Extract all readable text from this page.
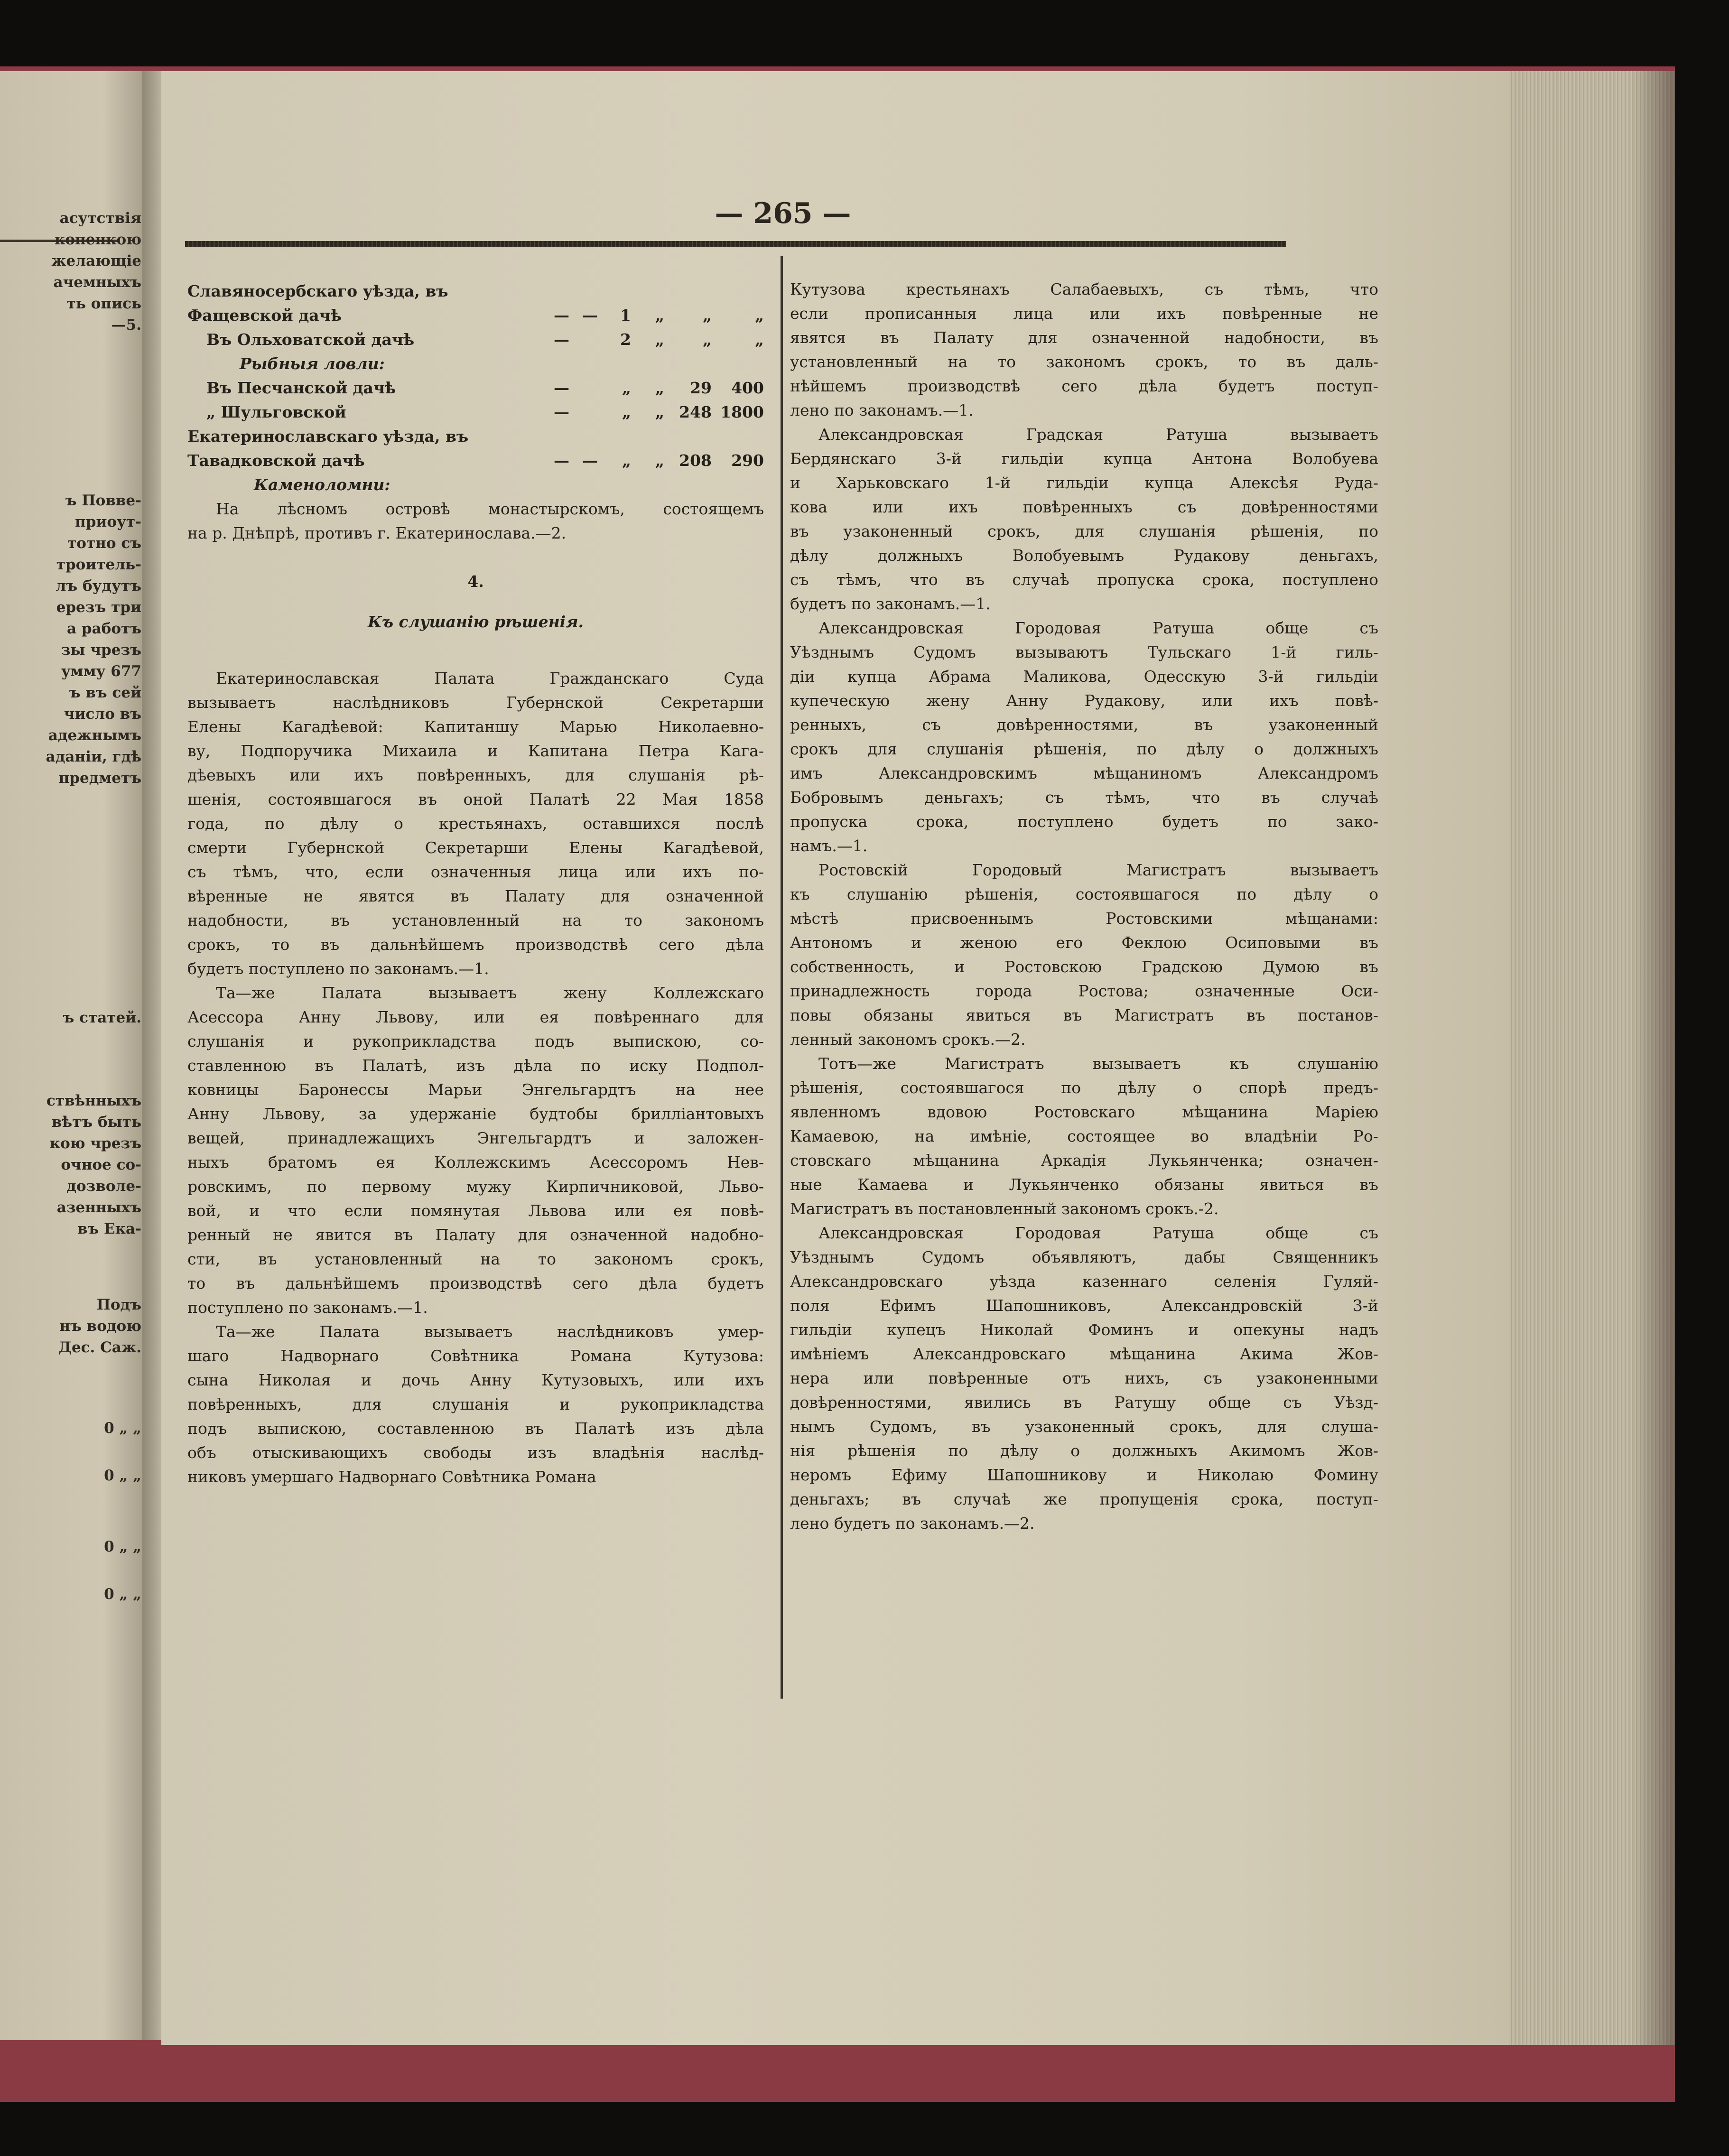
асутствія
копенкою
желающіе
ачемныхъ
ть опись
—5.
ъ Повве-
приоут-
тотно съ
троитель-
лъ будутъ
ерезъ три
а работъ
зы чрезъ
умму 677
ъ въ сей
число въ
адежнымъ
аданіи, гдѣ
предметъ
ъ статей.
ствѣнныхъ
вѣтъ быть
кою чрезъ
очное со-
дозволе-
азенныхъ
въ Ека-
Подъ
нъ водою
Дес. Саж.
0 „ „
0 „ „
0 „ „
0 „ „
— 265 —
Славяносербскаго уѣзда, въ
Фащевской дачѣ	— —	1	„	„	„
Въ Ольховатской дачѣ	—	2	„	„	„
Рыбныя ловли:
Въ Песчанской дачѣ	—	„	„	29	400
„ Шульговской	—	„	„ 248 1800
Екатеринославскаго уѣзда, въ
Тавадковской дачѣ	— —	„	„ 208	290
Каменоломни:
На лѣсномъ островѣ монастырскомъ, состоящемъ
на р. Днѣпрѣ, противъ г. Екатеринослава.—2.
4.
Къ слушанію рѣшенія.
Екатеринославская Палата Гражданскаго Суда
вызываетъ наслѣдниковъ Губернской Секретарши
Елены Кагадѣевой: Капитаншу Марью Николаевно-
ву, Подпоручика Михаила и Капитана Петра Кага-
дѣевыхъ или ихъ повѣренныхъ, для слушанія рѣ-
шенія, состоявшагося въ оной Палатѣ 22 Мая 1858
года, по дѣлу о крестьянахъ, оставшихся послѣ
смерти Губернской Секретарши Елены Кагадѣевой,
съ тѣмъ, что, если означенныя лица или ихъ по-
вѣренные не явятся въ Палату для означенной
надобности, въ установленный на то закономъ
срокъ, то въ дальнѣйшемъ производствѣ сего дѣла
будетъ поступлено по законамъ.—1.
Та—же Палата вызываетъ жену Коллежскаго
Асессора Анну Львову, или ея повѣреннаго для
слушанія и рукоприкладства подъ выпискою, со-
ставленною въ Палатѣ, изъ дѣла по иску Подпол-
ковницы Баронессы Марьи Энгельгардтъ на нее
Анну Львову, за удержаніе будтобы бриллiантовыхъ
вещей, принадлежащихъ Энгельгардтъ и заложен-
ныхъ братомъ ея Коллежскимъ Асессоромъ Нев-
ровскимъ, по первому мужу Кирпичниковой, Льво-
вой, и что если помянутая Львова или ея повѣ-
ренный не явится въ Палату для означенной надобно-
сти, въ установленный на то закономъ срокъ,
то въ дальнѣйшемъ производствѣ сего дѣла будетъ
поступлено по законамъ.—1.
Та—же Палата вызываетъ наслѣдниковъ умер-
шаго Надворнаго Совѣтника Романа Кутузова:
сына Николая и дочь Анну Кутузовыхъ, или ихъ
повѣренныхъ, для слушанія и рукоприкладства
подъ выпискою, составленною въ Палатѣ изъ дѣла
объ отыскивающихъ свободы изъ владѣнія наслѣд-
никовъ умершаго Надворнаго Совѣтника Романа
Кутузова крестьянахъ Салабаевыхъ, съ тѣмъ, что
если прописанныя лица или ихъ повѣренные не
явятся въ Палату для означенной надобности, въ
установленный на то закономъ срокъ, то въ даль-
нѣйшемъ производствѣ сего дѣла будетъ поступ-
лено по законамъ.—1.
Александровская Градская Ратуша вызываетъ
Бердянскаго 3-й гильдіи купца Антона Волобуева
и Харьковскаго 1-й гильдіи купца Алексѣя Руда-
кова или ихъ повѣренныхъ съ довѣренностями
въ узаконенный срокъ, для слушанія рѣшенія, по
дѣлу должныхъ Волобуевымъ Рудакову деньгахъ,
съ тѣмъ, что въ случаѣ пропуска срока, поступлено
будетъ по законамъ.—1.
Александровская Городовая Ратуша обще съ
Уѣзднымъ Судомъ вызываютъ Тульскаго 1-й гиль-
діи купца Абрама Маликова, Одесскую 3-й гильдіи
купеческую жену Анну Рудакову, или ихъ повѣ-
ренныхъ, съ довѣренностями, въ узаконенный
срокъ для слушанія рѣшенія, по дѣлу о должныхъ
имъ Александровскимъ мѣщаниномъ Александромъ
Бобровымъ деньгахъ; съ тѣмъ, что въ случаѣ
пропуска срока, поступлено будетъ по зако-
намъ.—1.
Ростовскій Городовый Магистратъ вызываетъ
къ слушанію рѣшенія, состоявшагося по дѣлу о
мѣстѣ присвоеннымъ Ростовскими мѣщанами:
Антономъ и женою его Феклою Осиповыми въ
собственность, и Ростовскою Градскою Думою въ
принадлежность города Ростова; означенные Оси-
повы обязаны явиться въ Магистратъ въ постанов-
ленный закономъ срокъ.—2.
Тотъ—же Магистратъ вызываетъ къ слушанію
рѣшенія, состоявшагося по дѣлу о спорѣ предъ-
явленномъ вдовою Ростовскаго мѣщанина Маріею
Камаевою, на имѣніе, состоящее во владѣніи Ро-
стовскаго мѣщанина Аркадія Лукьянченка; означен-
ные Камаева и Лукьянченко обязаны явиться въ
Магистратъ въ постановленный закономъ срокъ.-2.
Александровская Городовая Ратуша обще съ
Уѣзднымъ Судомъ объявляютъ, дабы Священникъ
Александровскаго уѣзда казеннаго селенія Гуляй-
поля Ефимъ Шапошниковъ, Александровскій 3-й
гильдіи купецъ Николай Фоминъ и опекуны надъ
имѣніемъ Александровскаго мѣщанина Акима Жов-
нера или повѣренные отъ нихъ, съ узаконенными
довѣренностями, явились въ Ратушу обще съ Уѣзд-
нымъ Судомъ, въ узаконенный срокъ, для слуша-
нія рѣшенія по дѣлу о должныхъ Акимомъ Жов-
неромъ Ефиму Шапошникову и Николаю Фомину
деньгахъ; въ случаѣ же пропущенія срока, поступ-
лено будетъ по законамъ.—2.
